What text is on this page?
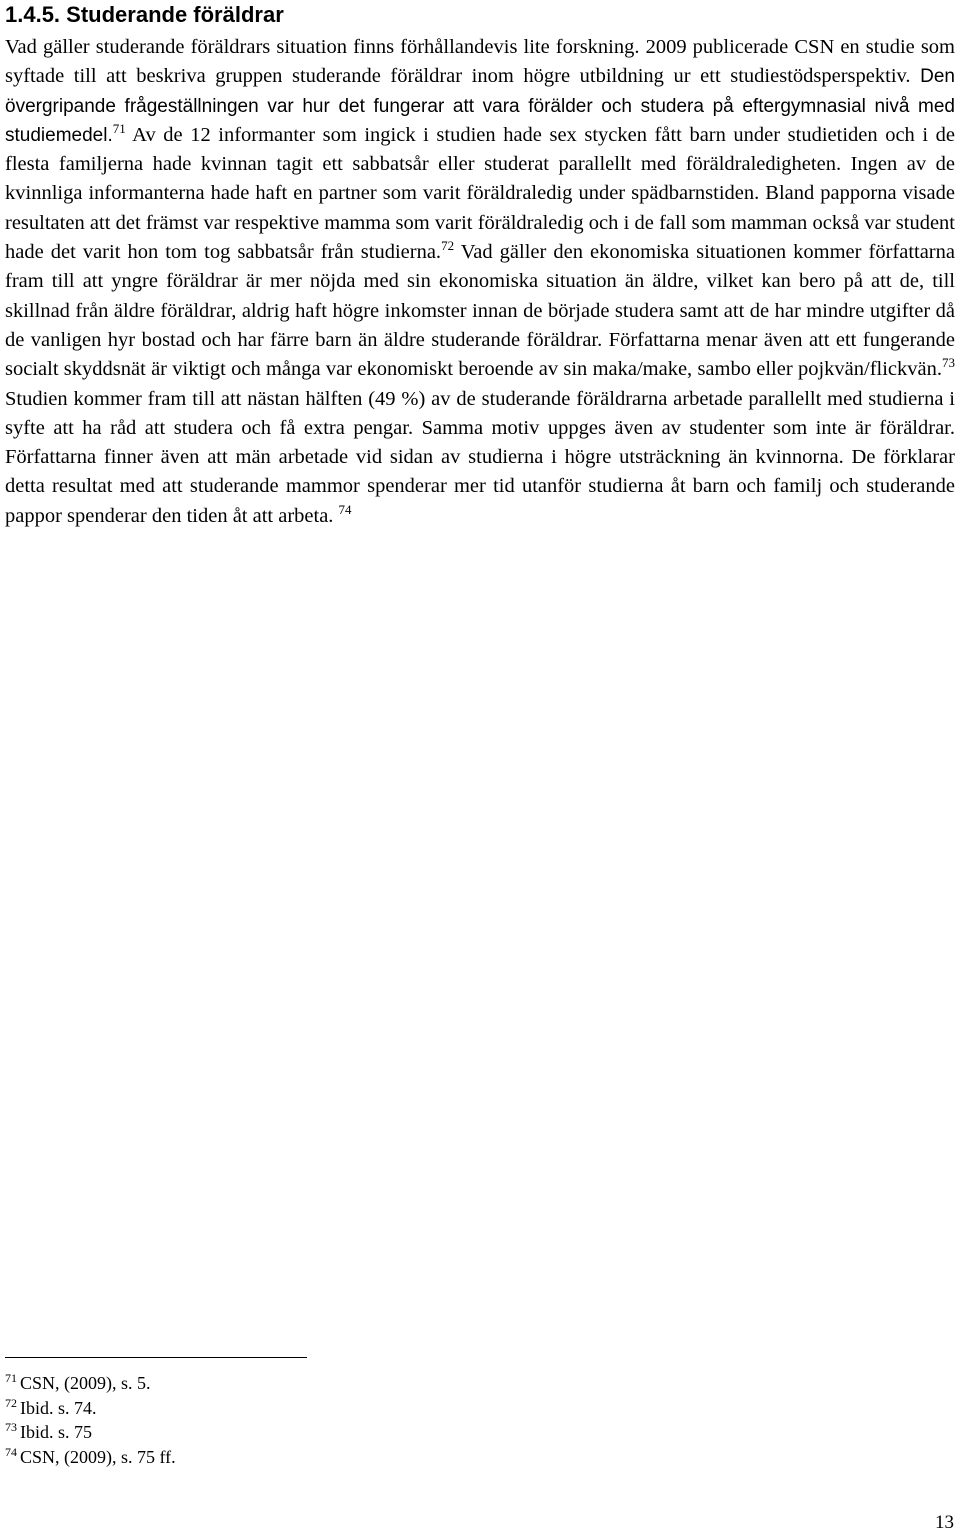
1.4.5. Studerande föräldrar

Vad gäller studerande föräldrars situation finns förhållandevis lite forskning. 2009 publicerade CSN en studie som syftade till att beskriva gruppen studerande föräldrar inom högre utbildning ur ett studiestödsperspektiv. Den övergripande frågeställningen var hur det fungerar att vara förälder och studera på eftergymnasial nivå med studiemedel.$^{71}$ Av de 12 informanter som ingick i studien hade sex stycken fått barn under studietiden och i de flesta familjerna hade kvinnan tagit ett sabbatsår eller studerat parallellt med föräldraledigheten. Ingen av de kvinnliga informanterna hade haft en partner som varit föräldraledig under spädbarnstiden. Bland papporna visade resultaten att det främst var respektive mamma som varit föräldraledig och i de fall som mamman också var student hade det varit hon tom tog sabbatsår från studierna.$^{72}$ Vad gäller den ekonomiska situationen kommer författarna fram till att yngre föräldrar är mer nöjda med sin ekonomiska situation än äldre, vilket kan bero på att de, till skillnad från äldre föräldrar, aldrig haft högre inkomster innan de började studera samt att de har mindre utgifter då de vanligen hyr bostad och har färre barn än äldre studerande föräldrar. Författarna menar även att ett fungerande socialt skyddsnät är viktigt och många var ekonomiskt beroende av sin maka/make, sambo eller pojkvän/flickvän.$^{73}$ Studien kommer fram till att nästan hälften (49 %) av de studerande föräldrarna arbetade parallellt med studierna i syfte att ha råd att studera och få extra pengar. Samma motiv uppges även av studenter som inte är föräldrar. Författarna finner även att män arbetade vid sidan av studierna i högre utsträckning än kvinnorna. De förklarar detta resultat med att studerande mammor spenderar mer tid utanför studierna åt barn och familj och studerande pappor spenderar den tiden åt att arbeta. $^{74}$

$^{71}$ CSN, (2009), s. 5.
$^{72}$ Ibid. s. 74.
$^{73}$ Ibid. s. 75
$^{74}$ CSN, (2009), s. 75 ff.
13
